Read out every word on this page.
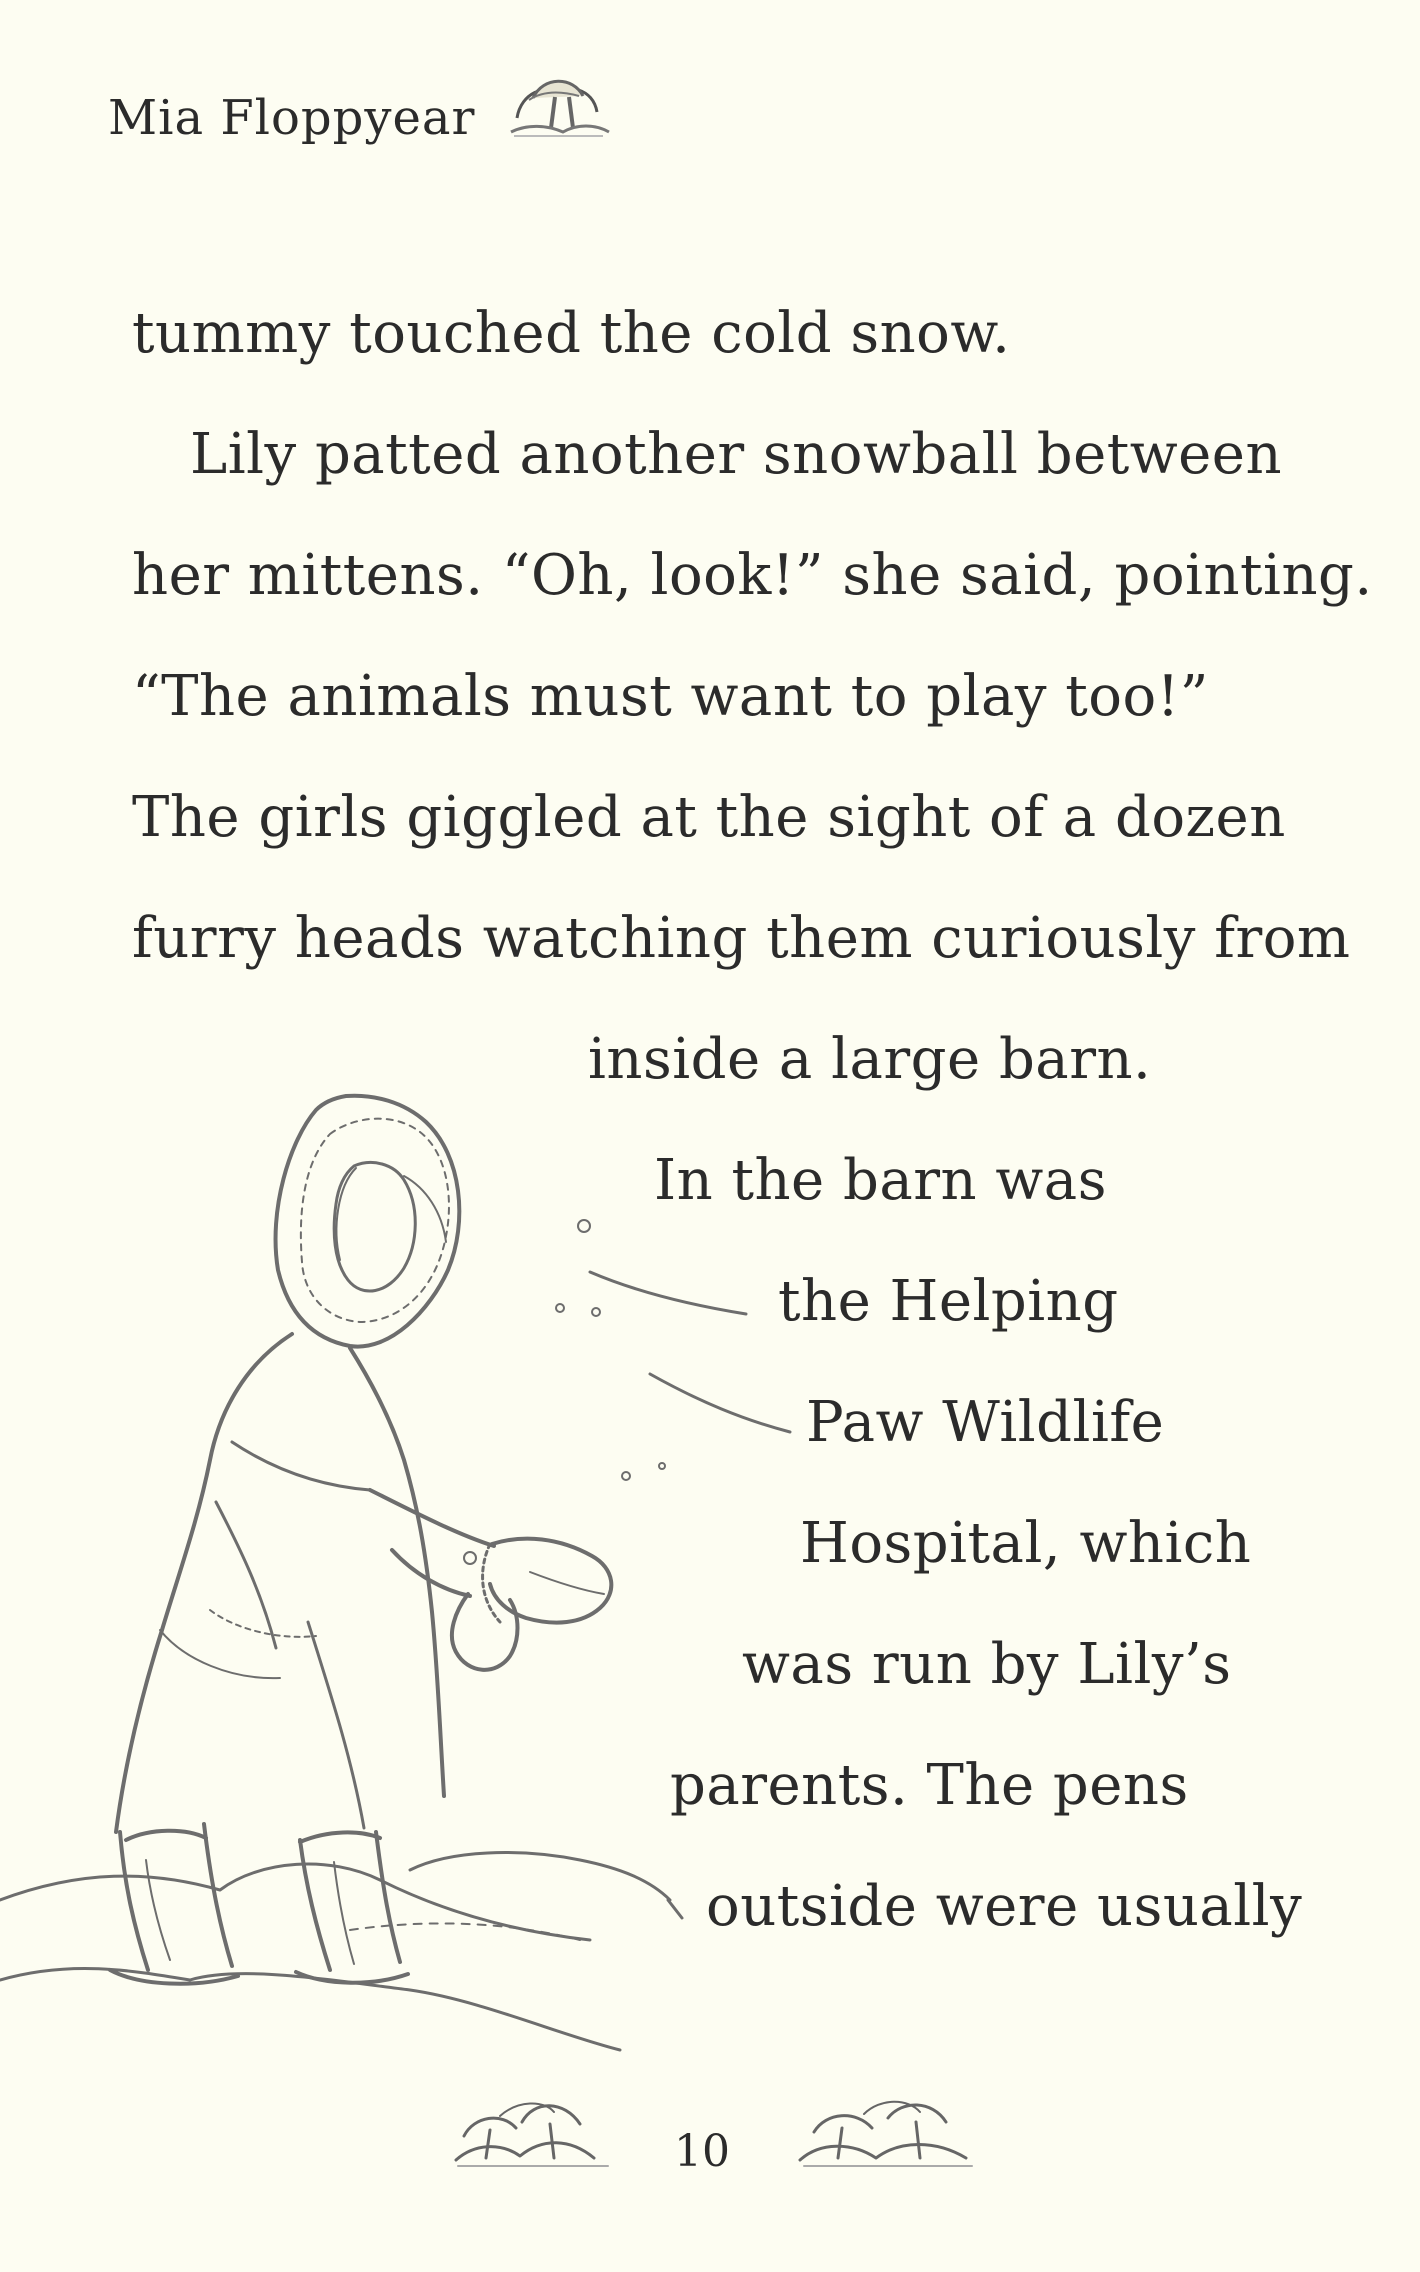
Mia Floppyear
tummy touched the cold snow.
Lily patted another snowball between
her mittens. “Oh, look!” she said, pointing.
“The animals must want to play too!”
The girls giggled at the sight of a dozen
furry heads watching them curiously from
inside a large barn.
In the barn was
the Helping
Paw Wildlife
Hospital, which
was run by Lily’s
parents. The pens
outside were usually
10
